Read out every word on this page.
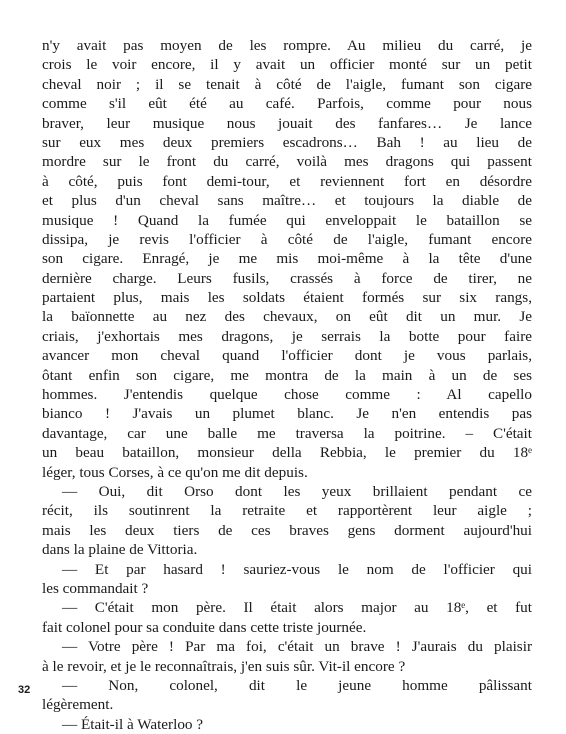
n'y avait pas moyen de les rompre. Au milieu du carré, je
crois le voir encore, il y avait un officier monté sur un petit
cheval noir ; il se tenait à côté de l'aigle, fumant son cigare
comme s'il eût été au café. Parfois, comme pour nous
braver, leur musique nous jouait des fanfares… Je lance
sur eux mes deux premiers escadrons… Bah ! au lieu de
mordre sur le front du carré, voilà mes dragons qui passent
à côté, puis font demi-tour, et reviennent fort en désordre
et plus d'un cheval sans maître… et toujours la diable de
musique ! Quand la fumée qui enveloppait le bataillon se
dissipa, je revis l'officier à côté de l'aigle, fumant encore
son cigare. Enragé, je me mis moi-même à la tête d'une
dernière charge. Leurs fusils, crassés à force de tirer, ne
partaient plus, mais les soldats étaient formés sur six rangs,
la baïonnette au nez des chevaux, on eût dit un mur. Je
criais, j'exhortais mes dragons, je serrais la botte pour faire
avancer mon cheval quand l'officier dont je vous parlais,
ôtant enfin son cigare, me montra de la main à un de ses
hommes. J'entendis quelque chose comme : Al capello
bianco ! J'avais un plumet blanc. Je n'en entendis pas
davantage, car une balle me traversa la poitrine. – C'était
un beau bataillon, monsieur della Rebbia, le premier du 18ᵉ
léger, tous Corses, à ce qu'on me dit depuis.
— Oui, dit Orso dont les yeux brillaient pendant ce
récit, ils soutinrent la retraite et rapportèrent leur aigle ;
mais les deux tiers de ces braves gens dorment aujourd'hui
dans la plaine de Vittoria.
— Et par hasard ! sauriez-vous le nom de l'officier qui
les commandait ?
— C'était mon père. Il était alors major au 18ᵉ, et fut
fait colonel pour sa conduite dans cette triste journée.
— Votre père ! Par ma foi, c'était un brave ! J'aurais du plaisir
à le revoir, et je le reconnaîtrais, j'en suis sûr. Vit-il encore ?
— Non, colonel, dit le jeune homme pâlissant
légèrement.
— Était-il à Waterloo ?
32
